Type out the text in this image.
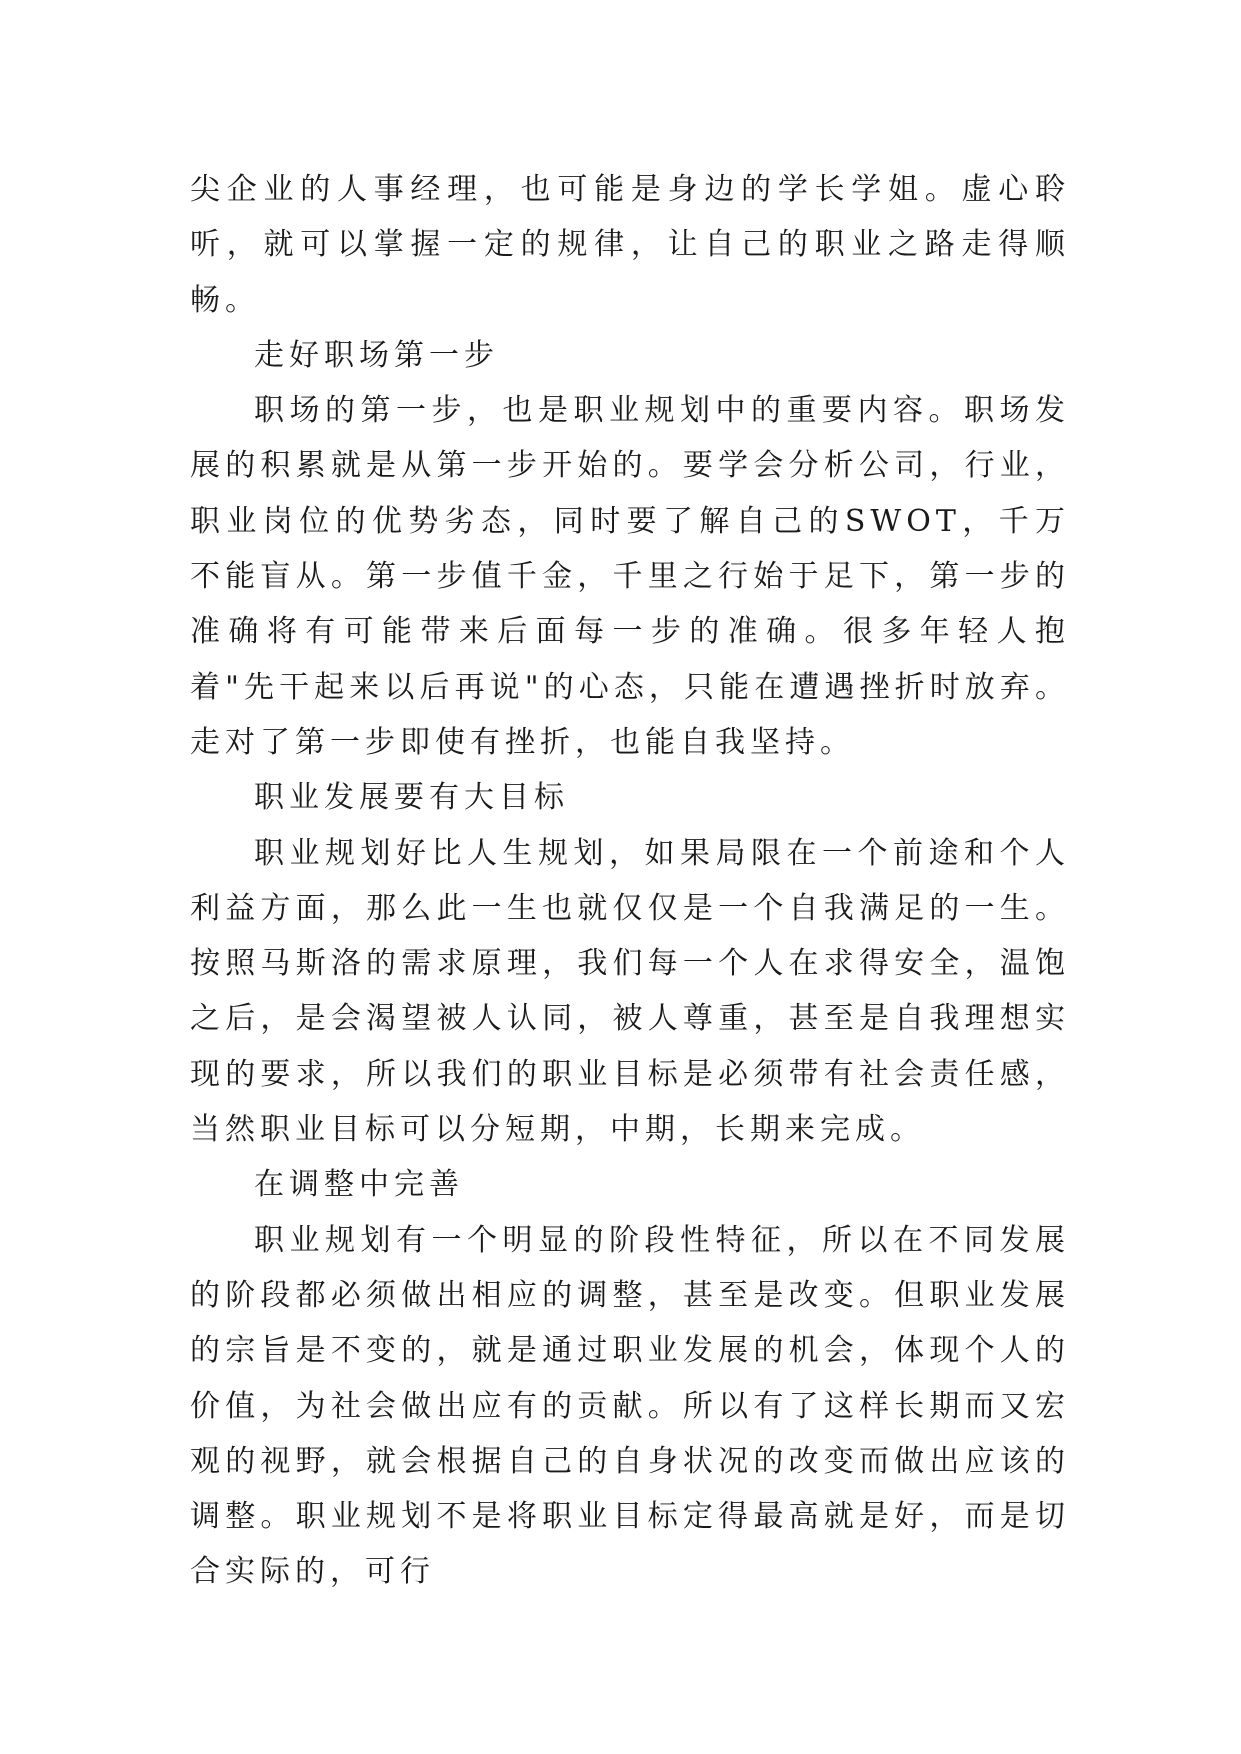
尖企业的人事经理，也可能是身边的学长学姐。虚心聆听，就可以掌握一定的规律，让自己的职业之路走得顺畅。

走好职场第一步

职场的第一步，也是职业规划中的重要内容。职场发展的积累就是从第一步开始的。要学会分析公司，行业，职业岗位的优势劣态，同时要了解自己的SWOT，千万不能盲从。第一步值千金，千里之行始于足下，第一步的准确将有可能带来后面每一步的准确。很多年轻人抱着"先干起来以后再说"的心态，只能在遭遇挫折时放弃。走对了第一步即使有挫折，也能自我坚持。

职业发展要有大目标

职业规划好比人生规划，如果局限在一个前途和个人利益方面，那么此一生也就仅仅是一个自我满足的一生。按照马斯洛的需求原理，我们每一个人在求得安全，温饱之后，是会渴望被人认同，被人尊重，甚至是自我理想实现的要求，所以我们的职业目标是必须带有社会责任感，当然职业目标可以分短期，中期，长期来完成。

在调整中完善

职业规划有一个明显的阶段性特征，所以在不同发展的阶段都必须做出相应的调整，甚至是改变。但职业发展的宗旨是不变的，就是通过职业发展的机会，体现个人的价值，为社会做出应有的贡献。所以有了这样长期而又宏观的视野，就会根据自己的自身状况的改变而做出应该的调整。职业规划不是将职业目标定得最高就是好，而是切合实际的，可行
